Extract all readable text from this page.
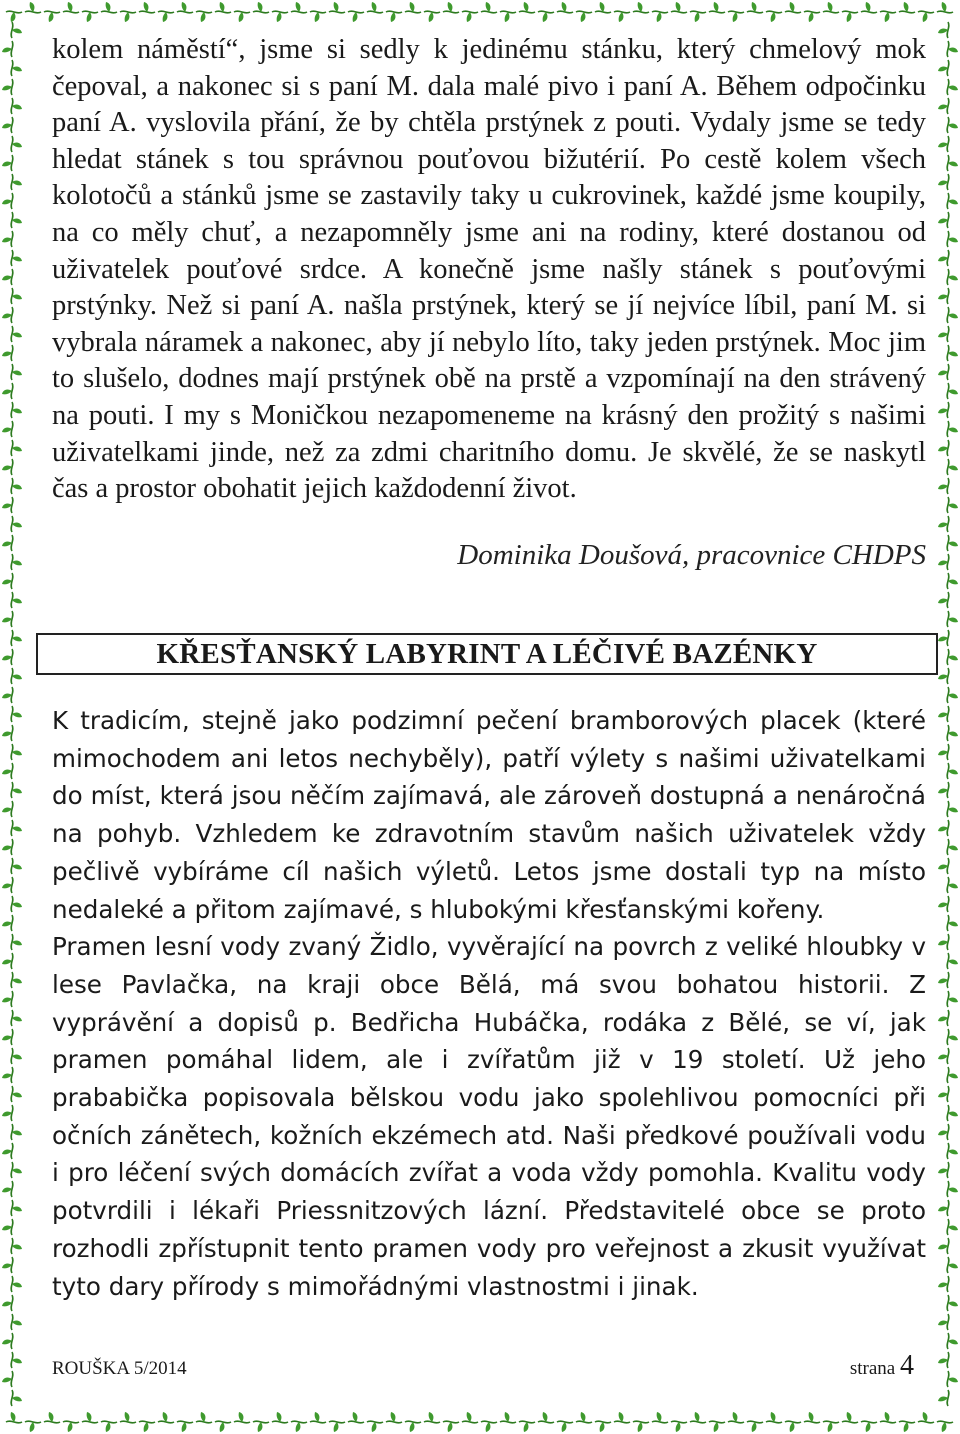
kolem náměstí“, jsme si sedly k jedinému stánku, který chmelový mok čepoval, a nakonec si s paní M. dala malé pivo i paní A. Během odpočinku paní A. vyslovila přání, že by chtěla prstýnek z pouti. Vydaly jsme se tedy hledat stánek s tou správnou pouťovou bižutérií. Po cestě kolem všech kolotočů a stánků jsme se zastavily taky u cukrovinek, každé jsme koupily, na co měly chuť, a nezapomněly jsme ani na rodiny, které dostanou od uživatelek pouťové srdce. A konečně jsme našly stánek s pouťovými prstýnky. Než si paní A. našla prstýnek, který se jí nejvíce líbil, paní M. si vybrala náramek a nakonec, aby jí nebylo líto, taky jeden prstýnek. Moc jim to slušelo, dodnes mají prstýnek obě na prstě a vzpomínají na den strávený na pouti. I my s Moničkou nezapomeneme na krásný den prožitý s našimi uživatelkami jinde, než za zdmi charitního domu. Je skvělé, že se naskytl čas a prostor obohatit jejich každodenní život.

Dominika Doušová, pracovnice CHDPS
KŘESŤANSKÝ LABYRINT A LÉČIVÉ BAZÉNKY

K tradicím, stejně jako podzimní pečení bramborových placek (které mimochodem ani letos nechyběly), patří výlety s našimi uživatelkami do míst, která jsou něčím zajímavá, ale zároveň dostupná a nenáročná na pohyb. Vzhledem ke zdravotním stavům našich uživatelek vždy pečlivě vybíráme cíl našich výletů. Letos jsme dostali typ na místo nedaleké a přitom zajímavé, s hlubokými křesťanskými kořeny.

Pramen lesní vody zvaný Židlo, vyvěrající na povrch z veliké hloubky v lese Pavlačka, na kraji obce Bělá, má svou bohatou historii. Z vyprávění a dopisů p. Bedřicha Hubáčka, rodáka z Bělé, se ví, jak pramen pomáhal lidem, ale i zvířatům již v 19 století. Už jeho prababička popisovala bělskou vodu jako spolehlivou pomocníci při očních zánětech, kožních ekzémech atd. Naši předkové používali vodu i pro léčení svých domácích zvířat a voda vždy pomohla. Kvalitu vody potvrdili i lékaři Priessnitzových lázní. Představitelé obce se proto rozhodli zpřístupnit tento pramen vody pro veřejnost a zkusit využívat tyto dary přírody s mimořádnými vlastnostmi i jinak.

ROUŠKA 5/2014	strana 4
